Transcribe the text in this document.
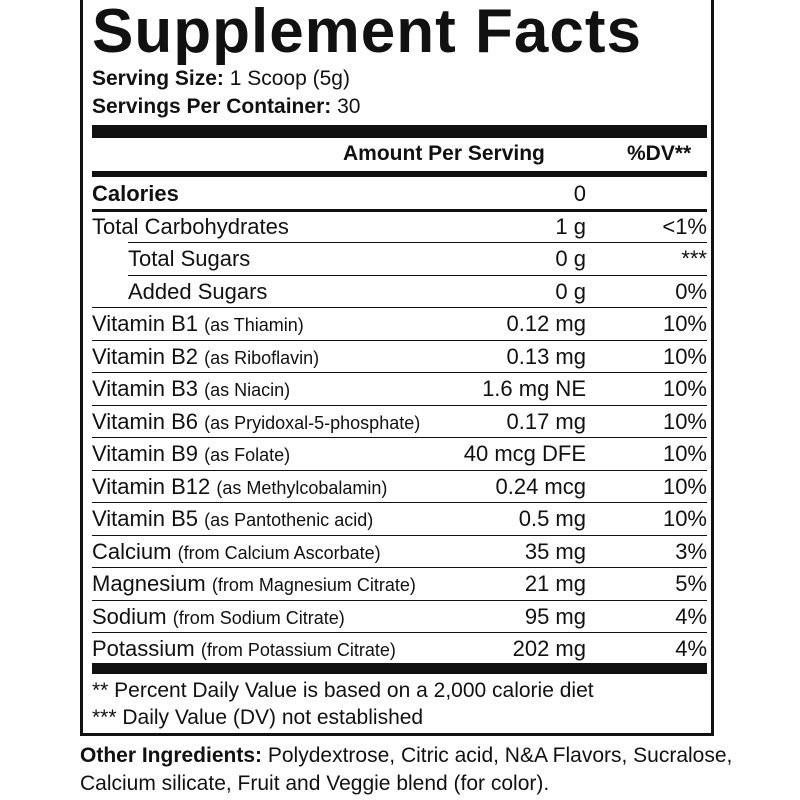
Supplement Facts
Serving Size: 1 Scoop (5g)
Servings Per Container: 30
Amount Per Serving	%DV**
Calories	0
Total Carbohydrates	1 g	<1%
Total Sugars	0 g	***
Added Sugars	0 g	0%
Vitamin B1 (as Thiamin)	0.12 mg	10%
Vitamin B2 (as Riboflavin)	0.13 mg	10%
Vitamin B3 (as Niacin)	1.6 mg NE	10%
Vitamin B6 (as Pryidoxal-5-phosphate)	0.17 mg	10%
Vitamin B9 (as Folate)	40 mcg DFE	10%
Vitamin B12 (as Methylcobalamin)	0.24 mcg	10%
Vitamin B5 (as Pantothenic acid)	0.5 mg	10%
Calcium (from Calcium Ascorbate)	35 mg	3%
Magnesium (from Magnesium Citrate)	21 mg	5%
Sodium (from Sodium Citrate)	95 mg	4%
Potassium (from Potassium Citrate)	202 mg	4%
** Percent Daily Value is based on a 2,000 calorie diet
*** Daily Value (DV) not established
Other Ingredients: Polydextrose, Citric acid, N&A Flavors, Sucralose, Calcium silicate, Fruit and Veggie blend (for color).
